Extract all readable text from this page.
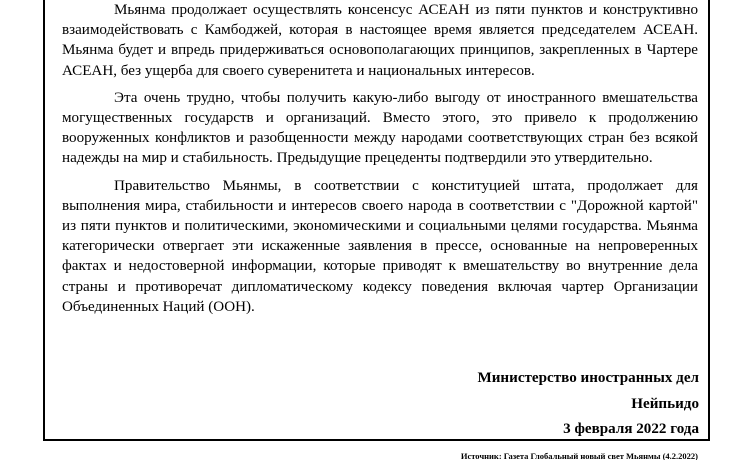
Мьянма продолжает осуществлять консенсус АСЕАН из пяти пунктов и конструктивно взаимодействовать с Камбоджей, которая в настоящее время является председателем АСЕАН. Мьянма будет и впредь придерживаться основополагающих принципов, закрепленных в Чартере АСЕАН, без ущерба для своего суверенитета и национальных интересов.

Эта очень трудно, чтобы получить какую-либо выгоду от иностранного вмешательства могущественных государств и организаций. Вместо этого, это привело к продолжению вооруженных конфликтов и разобщенности между народами соответствующих стран без всякой надежды на мир и стабильность. Предыдущие прецеденты подтвердили это утвердительно.

Правительство Мьянмы, в соответствии с конституцией штата, продолжает для выполнения мира, стабильности и интересов своего народа в соответствии с "Дорожной картой" из пяти пунктов и политическими, экономическими и социальными целями государства. Мьянма категорически отвергает эти искаженные заявления в прессе, основанные на непроверенных фактах и недостоверной информации, которые приводят к вмешательству во внутренние дела страны и противоречат дипломатическому кодексу поведения включая чартер Организации Объединенных Наций (ООН).

Министерство иностранных дел
Нейпьидо
3 февраля 2022 года
Источник: Газета Глобальный новый свет Мьянмы (4.2.2022)
